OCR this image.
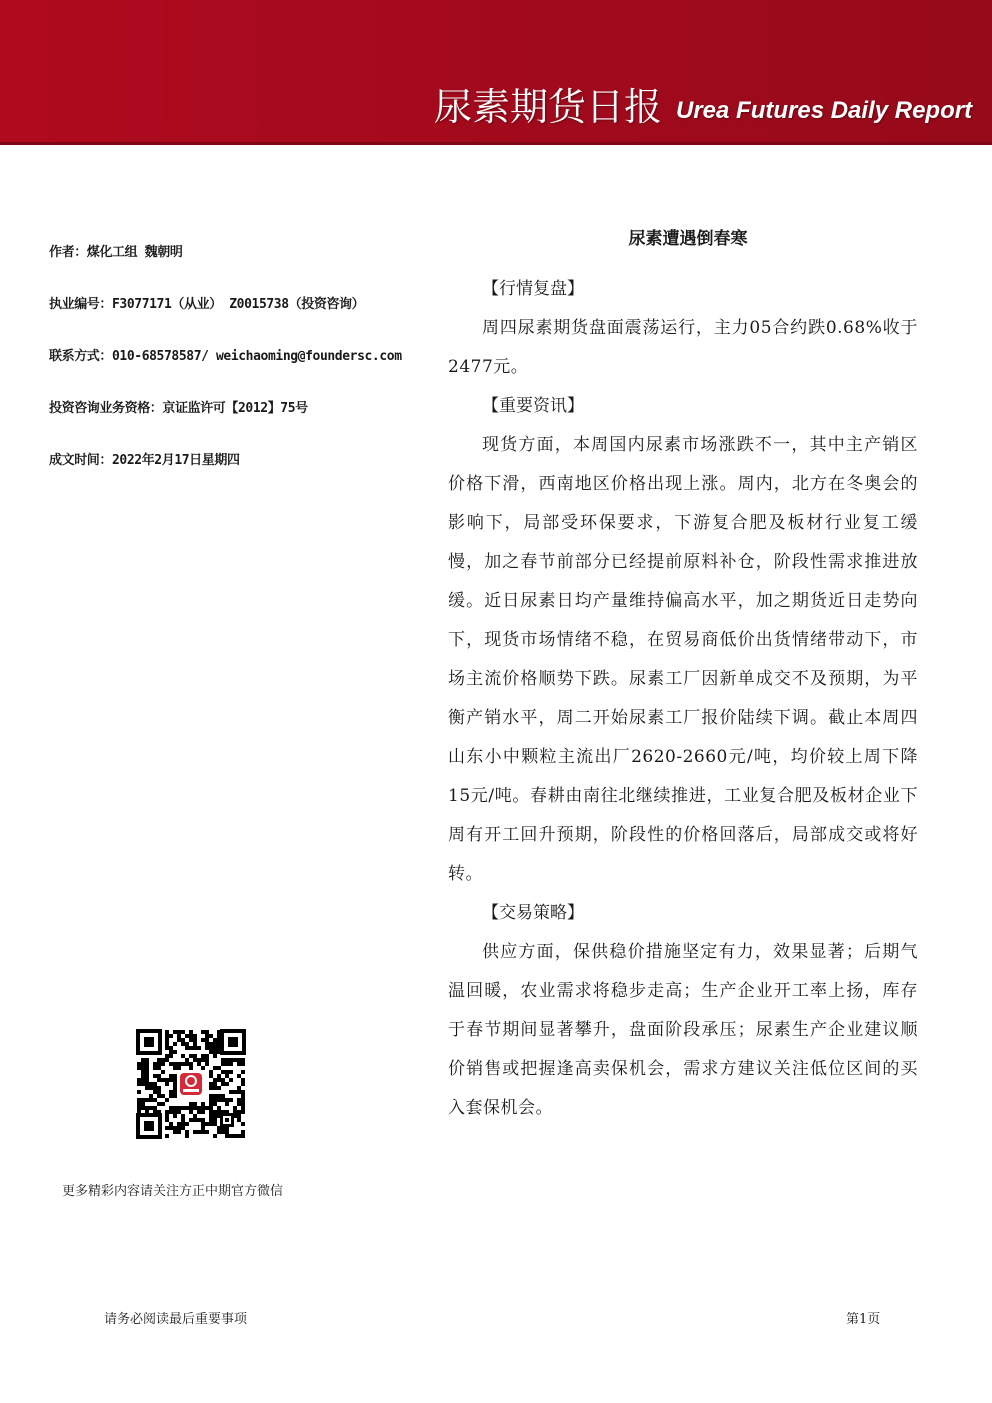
尿素期货日报 Urea Futures Daily Report
作者：煤化工组 魏朝明
执业编号：F3077171（从业） Z0015738（投资咨询）
联系方式：010-68578587/ weichaoming@foundersc.com
投资咨询业务资格：京证监许可【2012】75号
成文时间：2022年2月17日星期四
更多精彩内容请关注方正中期官方微信
尿素遭遇倒春寒

【行情复盘】

周四尿素期货盘面震荡运行，主力05合约跌0.68%收于2477元。

【重要资讯】

现货方面，本周国内尿素市场涨跌不一，其中主产销区价格下滑，西南地区价格出现上涨。周内，北方在冬奥会的影响下，局部受环保要求，下游复合肥及板材行业复工缓慢，加之春节前部分已经提前原料补仓，阶段性需求推进放缓。近日尿素日均产量维持偏高水平，加之期货近日走势向下，现货市场情绪不稳，在贸易商低价出货情绪带动下，市场主流价格顺势下跌。尿素工厂因新单成交不及预期，为平衡产销水平，周二开始尿素工厂报价陆续下调。截止本周四山东小中颗粒主流出厂2620-2660元/吨，均价较上周下降15元/吨。春耕由南往北继续推进，工业复合肥及板材企业下周有开工回升预期，阶段性的价格回落后，局部成交或将好转。

【交易策略】

供应方面，保供稳价措施坚定有力，效果显著；后期气温回暖，农业需求将稳步走高；生产企业开工率上扬，库存于春节期间显著攀升，盘面阶段承压；尿素生产企业建议顺价销售或把握逢高卖保机会，需求方建议关注低位区间的买入套保机会。

请务必阅读最后重要事项	第1页
